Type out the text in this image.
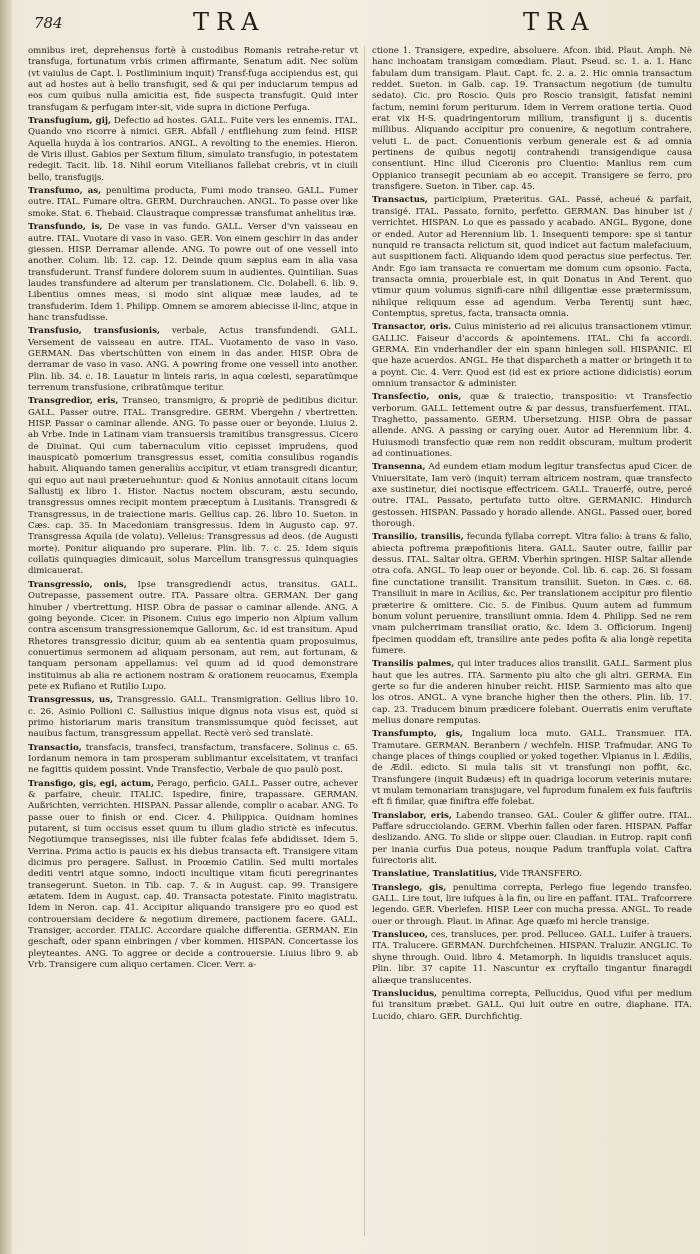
784	TRA	TRA

omnibus iret, deprehensus fortè à custodibus Romanis retrahe-retur vt transfuga, fortunatum vrbis crimen affirmante, Senatum adit. Nec solùm (vt vaiulus de Capt. l. Postliminium inquit) Transf-fuga accipiendus est, qui aut ad hostes aut à bello transfugit, sed & qui per induciarum tempus ad eos cum quibus nulla amicitia est, fide suspecta transfugit. Quid inter transfugam & perfugam inter-sit, vide supra in dictione Perfuga.

Transfugium, gij, Defectio ad hostes. GALL. Fuite vers les ennemis. ITAL. Quando vno ricorre à nimici. GER. Abfall / entfliehung zum feind. HISP. Aquella huyda à los contrarios. ANGL. A revolting to the enemies. Hieron. de Viris illust. Gabios per Sextum filium, simulato transfugio, in potestatem redegit. Tacit. lib. 18. Nihil eorum Vitellianos fallebat crebris, vt in ciuili bello, transfugijs.

Transfumo, as, penultima producta, Fumi modo transeo. GALL. Fumer outre. ITAL. Fumare oltra. GERM. Durchrauchen. ANGL. To passe over like smoke. Stat. 6. Thebaid. Claustraque compressæ transfumat anhelitus iræ.

Transfundo, is, De vase in vas fundo. GALL. Verser d'vn vaisseau en autre. ITAL. Vuotare di vaso in vaso. GER. Von einem geschirr in das ander giessen. HISP. Derramar allende. ANG. To powre out of one vessell into another. Colum. lib. 12. cap. 12. Deinde quum sæpius eam in alia vasa transfuderunt. Transf fundere dolorem suum in audientes. Quintilian. Suas laudes transfundere ad alterum per translationem. Cic. Dolabell. 6. lib. 9. Libentius omnes meas, si modo sint aliquæ meæ laudes, ad te transfuderim. Idem 1. Philipp. Omnem se amorem abiecisse il-linc, atque in hanc transfudisse.

Transfusio, transfusionis, verbale, Actus transfundendi. GALL. Versement de vaisseau en autre. ITAL. Vuotamento de vaso in vaso. GERMAN. Das vbertschütten von einem in das ander. HISP. Obra de derramar de vaso in vaso. ANG. A powring frome one vessell into another. Plin. lib. 34. c. 18. Lauatur in linteis raris, in aqua cœlesti, separatûmque terrenum transfusione, cribratûmque teritur.

Transgredior, eris, Transeo, transmigro, & propriè de peditibus dicitur. GALL. Passer outre. ITAL. Transgredire. GERM. Vbergehn / vbertretten. HISP. Passar o caminar allende. ANG. To passe ouer or beyonde. Liuius 2. ab Vrbe. Inde in Latinam viam transuersis tramitibus transgressus. Cicero de Diuinat. Qui cum tabernaculum vitio cepisset imprudens, quod inauspicatò pomœrium transgressus esset, comitia consulibus rogandis habuit. Aliquando tamen generaliùs accipitur, vt etiam transgredi dicantur, qui equo aut naui præteruehuntur: quod & Nonius annotauit citans locum Sallustij ex libro 1. Histor. Nactus noctem obscuram, æstu secundo, transgressus omnes recipit montem præceptum à Lusitanis. Transgredi & Transgressus, in de traiectione maris. Gellius cap. 26. libro 10. Sueton. in Cæs. cap. 35. In Macedoniam transgressus. Idem in Augusto cap. 97. Transgressa Aquila (de volatu). Velleius: Transgressus ad deos. (de Augusti morte). Ponitur aliquando pro superare. Plin. lib. 7. c. 25. Idem siquis collatis quinquagies dimicauit, solus Marcellum transgressus quinquagies dimicauerat.

Transgressio, onis, Ipse transgrediendi actus, transitus. GALL. Outrepasse, passement outre. ITA. Passare oltra. GERMAN. Der gang hinuber / vbertrettung. HISP. Obra de passar o caminar allende. ANG. A going beyonde. Cicer. in Pisonem. Cuius ego imperio non Alpium vallum contra ascensum transgressionemque Gallorum, &c. id est transitum. Apud Rhetores transgressio dicitur, quum ab ea sententia quam proposuimus, conuertimus sermonem ad aliquam personam, aut rem, aut fortunam, & tanquam personam appellamus: vel quum ad id quod demonstrare instituimus ab alia re actionem nostram & orationem reuocamus, Exempla pete ex Rufiano et Rutilio Lupo.

Transgressus, us, Transgressio. GALL. Transmigration. Gellius libro 10. c. 26. Asinio Pollioni C. Sallustius inique dignus nota visus est, quòd si primo historiarum maris transitum transmissumque quòd fecisset, aut nauibus factum, transgressum appellat. Rectè verò sed translatè.

Transactio, transfacis, transfeci, transfactum, transfacere. Solinus c. 65. Iordanum nemora in tam prosperam sublimantur excelsitatem, vt tranfaci ne fagittis quidem possint. Vnde Transfectio, Verbale de quo paulò post.

Transfigo, gis, egi, actum, Perago, perficio. GALL. Passer outre, achever & parfaire, cheuir. ITALIC. Ispedire, finire, trapassare. GERMAN. Außrichten, verrichten. HISPAN. Passar allende, complir o acabar. ANG. To passe ouer to finish or end. Cicer. 4. Philippica. Quidnam homines putarent, si tum occisus esset quum tu illum gladio strictè es infecutus. Negotiumque transegisses, nisi ille fubter fcalas fefe abdidisset. Idem 5. Verrina. Prima actio is paucis ex his diebus transacta eft. Transigere vitam dicimus pro peragere. Sallust. in Proœmio Catilin. Sed multi mortales dediti ventri atque somno, indocti incultique vitam ficuti peregrinantes transegerunt. Sueton. in Tib. cap. 7. & in August. cap. 99. Transigere ætatem. Idem in August. cap. 40. Transacta potestate. Finito magistratu. Idem in Neron. cap. 41. Accipitur aliquando transigere pro eo quod est controuersiam decidere & negotium diremere, pactionem facere. GALL. Transiger, accorder. ITALIC. Accordare qualche differentia. GERMAN. Ein geschaft, oder spann einbringen / vber kommen. HISPAN. Concertasse los pleyteantes. ANG. To aggree or decide a controuersie. Liuius libro 9. ab Vrb. Transigere cum aliquo certamen. Cicer. Verr. a-

ctione 1. Transigere, expedire, absoluere. Afcon. ibid. Plaut. Amph. Nè hanc inchoatam transigam comœdiam. Plaut. Pseud. sc. 1. a. 1. Hanc fabulam dum transigam. Plaut. Capt. fc. 2. a. 2. Hic omnia transactum reddet. Sueton. in Galb. cap. 19. Transactum negotium (de tumultu sedato). Cic. pro Roscio. Quis pro Roscio transigit, fatisfat nemini factum, nemini forum periturum. Idem in Verrem oratione tertia. Quod erat vix H-S. quadringentorum millium, transfigunt ij s. ducentis millibus. Aliquando accipitur pro conuenire, & negotium contrahere, veluti L. de pact. Conuentionis verbum generale est & ad omnia pertinens de quibus negotij contrahendi transigendique causa consentiunt. Hinc illud Ciceronis pro Cluentio: Manlius rem cum Oppianico transegit pecuniam ab eo accepit. Transigere se ferro, pro transfigere. Sueton. in Tiber. cap. 45.

Transactus, participium, Præteritus. GAL. Passé, acheué & parfait, transigé. ITAL. Passato, fornito, perfetto. GERMAN. Das hinuber ist / verrichtet. HISPAN. Lo que es passado y acabado. ANGL. Bygone, done or ended. Autor ad Herennium lib. 1. Insequenti tempore: spe si tantur nunquid re transacta relictum sit, quod indicet aut factum malefaciuum, aut suspitionem facti. Aliquando idem quod peractus siue perfectus. Ter. Andr. Ego iam transacta re conuertam me domum cum opsonio. Facta, transacta omnia, prouerbiale est, in quit Donatus in And Terent. quo vtimur quum volumus signifi-care nihil diligentiæ esse prætermissum, nihilque reliquum esse ad agendum. Verba Terentij sunt hæc, Contemptus, spretus, facta, transacta omnia.

Transactor, oris. Cuius ministerio ad rei alicuius transactionem vtimur. GALLIC. Faiseur d'accords & apointemens. ITAL. Chi fa accordi. GERMA. Ein vnderhandler der ein spann hinlegen soll. HISPANIC. El que haze acuerdos. ANGL. He that disparcheth a matter or bringeth it to a poynt. Cic. 4. Verr. Quod est (id est ex priore actione didicistis) eorum omnium transactor & administer.

Transfectio, onis, quæ & traiectio, transpositio: vt Transfectio verborum. GALL. Iettement outre & par dessus, transfuerfement. ITAL. Traghetto, passamento. GERM. Ubersetzung. HISP. Obra de passar allende. ANG. A passing or carying ouer. Autor ad Herennium libr. 4. Huiusmodi transfectio quæ rem non reddit obscuram, multum proderit ad continuationes.

Transenna, Ad eundem etiam modum legitur transfectus apud Cicer. de Vniuersitate, Iam verò (inquit) terram altricem nostram, quæ transfecto axe sustinetur, diei noctisque effectricem. GALL. Trauerfé, outre, percé outre. ITAL. Passato, pertufato tutto oltre. GERMANIC. Hindurch gestossen. HISPAN. Passado y horado allende. ANGL. Passed ouer, bored thorough.

Transilio, transilis, fecunda fyllaba corrept. Vltra falio: à trans & falio, abiecta poftrema præpofitionis litera. GALL. Sauter outre, faillir par dessus. ITAL. Saltar oltra. GERM. Vberhin springen. HISP. Saltar allende otra cofa. ANGL. To leap ouer or beyonde. Col. lib. 6. cap. 26. Si fossam fine cunctatione transilit. Transitum transiliit. Sueton. in Cæs. c. 68. Transiliuit in mare in Acilius, &c. Per translationem accipitur pro filentio præterire & omittere. Cic. 5. de Finibus. Quum autem ad fummum bonum volunt peruenire, transiliunt omnia. Idem 4. Philipp. Sed ne rem vnam pulcherrimam transiliat oratio, &c. Idem 3. Officiorum. Ingenij fpecimen quoddam eft, transilire ante pedes pofita & alia longè repetita fumere.

Transilis palmes, qui inter traduces alios transilit. GALL. Sarment plus haut que les autres. ITA. Sarmento piu alto che gli altri. GERMA. Ein gerte so fur die anderen hinuber reicht. HISP. Sarmiento mas alto que los otros. ANGL. A vyne branche higher then the others. Plin. lib. 17. cap. 23. Traducem binum prædicere folebant. Ouerratis enim veruftate melius donare remputas.

Transfumpto, gis, Ingalium loca muto. GALL. Transmuer. ITA. Tramutare. GERMAN. Beranbern / wechfeln. HISP. Trafmudar. ANG To change places of things couplied or yoked together. Vlpianus in l. Ædilis, de Ædil. edicto. Si mula talis sit vt transfungi non poffit, &c. Transfungere (inquit Budæus) eft in quadriga locorum veterinis mutare: vt mulam temonariam transjugare, vel fuprodum funalem ex fuis fauftriis eft fi fimilar, quæ finiftra effe folebat.

Translabor, eris, Labendo transeo. GAL. Couler & gliffer outre. ITAL. Paffare sdrucciolando. GERM. Vberhin fallen oder faren. HISPAN. Paffar deslizando. ANG. To slide or slippe ouer. Claudian. in Eutrop. rapit confi per inania curfus Dua poteus, nouque Padum tranffupla volat. Caftra fuirectoris alit.

Translatiue, Translatitius, Vide TRANSFERO.

Translego, gis, penultima correpta, Perlego fiue legendo transfeo. GALL. Lire tout, lire iufques à la fin, ou lire en paffant. ITAL. Trafcorrere legendo. GER. Vberlefen. HISP. Leer con mucha pressa. ANGL. To reade ouer or through. Plaut. in Afinar. Age quæfo mi hercle transige.

Transluceo, ces, transluces, per. prod. Pelluceo. GALL. Luifer à trauers. ITA. Tralucere. GERMAN. Durchfcheinen. HISPAN. Traluzir. ANGLIC. To shyne through. Ouid. libro 4. Metamorph. In liquidis translucet aquis. Plin. libr. 37 capite 11. Nascuntur ex cryftallo tingantur finaragdi aliæque translucentes.

Translucidus, penultima correpta, Pellucidus, Quod vifui per medium fui transitum præbet. GALL. Qui luit outre en outre, diaphane. ITA. Lucido, chiaro. GER. Durchfichtig.
